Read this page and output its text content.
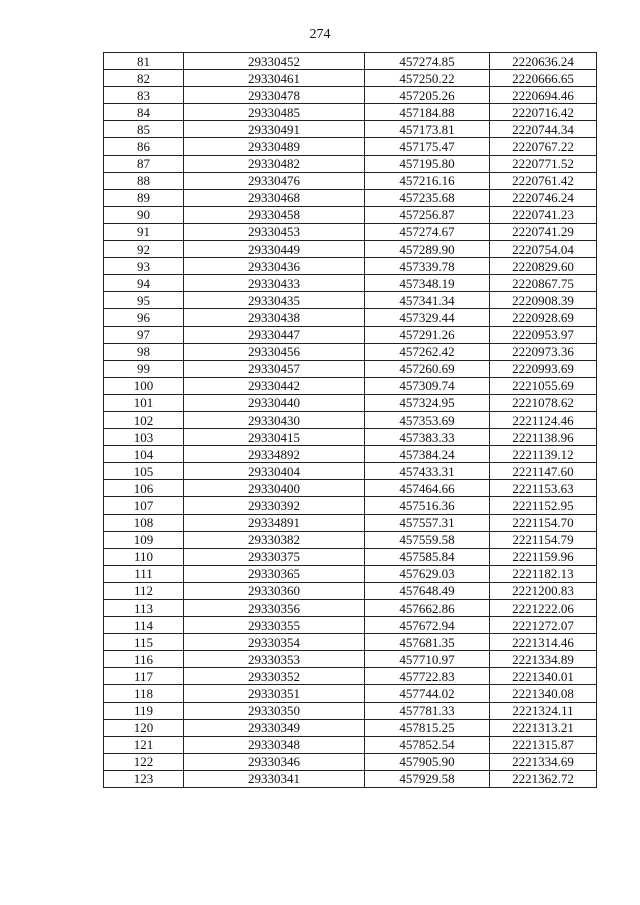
274
81	29330452	457274.85	2220636.24
82	29330461	457250.22	2220666.65
83	29330478	457205.26	2220694.46
84	29330485	457184.88	2220716.42
85	29330491	457173.81	2220744.34
86	29330489	457175.47	2220767.22
87	29330482	457195.80	2220771.52
88	29330476	457216.16	2220761.42
89	29330468	457235.68	2220746.24
90	29330458	457256.87	2220741.23
91	29330453	457274.67	2220741.29
92	29330449	457289.90	2220754.04
93	29330436	457339.78	2220829.60
94	29330433	457348.19	2220867.75
95	29330435	457341.34	2220908.39
96	29330438	457329.44	2220928.69
97	29330447	457291.26	2220953.97
98	29330456	457262.42	2220973.36
99	29330457	457260.69	2220993.69
100	29330442	457309.74	2221055.69
101	29330440	457324.95	2221078.62
102	29330430	457353.69	2221124.46
103	29330415	457383.33	2221138.96
104	29334892	457384.24	2221139.12
105	29330404	457433.31	2221147.60
106	29330400	457464.66	2221153.63
107	29330392	457516.36	2221152.95
108	29334891	457557.31	2221154.70
109	29330382	457559.58	2221154.79
110	29330375	457585.84	2221159.96
111	29330365	457629.03	2221182.13
112	29330360	457648.49	2221200.83
113	29330356	457662.86	2221222.06
114	29330355	457672.94	2221272.07
115	29330354	457681.35	2221314.46
116	29330353	457710.97	2221334.89
117	29330352	457722.83	2221340.01
118	29330351	457744.02	2221340.08
119	29330350	457781.33	2221324.11
120	29330349	457815.25	2221313.21
121	29330348	457852.54	2221315.87
122	29330346	457905.90	2221334.69
123	29330341	457929.58	2221362.72
